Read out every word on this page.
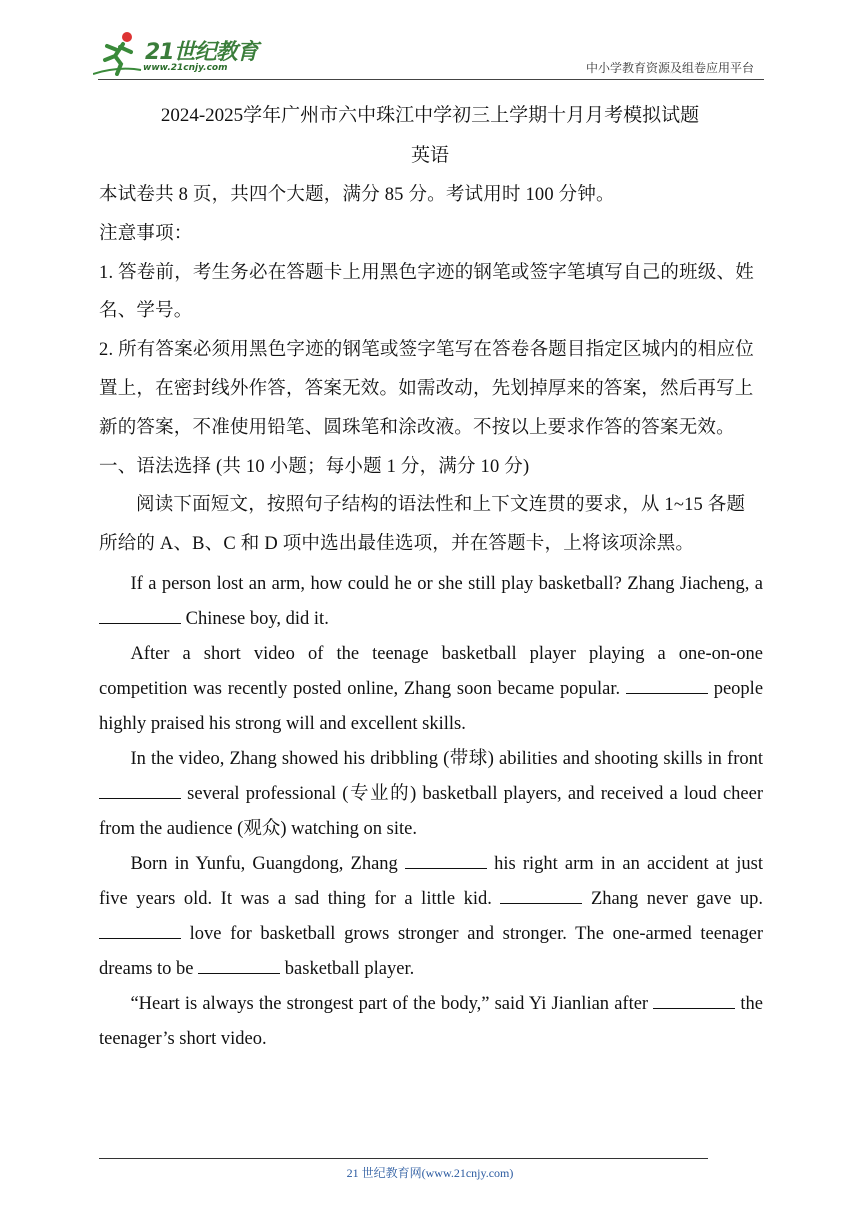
21世纪教育
www.21cnjy.com	中小学教育资源及组卷应用平台
2024-2025学年广州市六中珠江中学初三上学期十月月考模拟试题
英语

本试卷共 8 页，共四个大题，满分 85 分。考试用时 100 分钟。

注意事项：

1. 答卷前，考生务必在答题卡上用黑色字迹的钢笔或签字笔填写自己的班级、姓名、学号。

2. 所有答案必须用黑色字迹的钢笔或签字笔写在答卷各题目指定区城内的相应位置上，在密封线外作答，答案无效。如需改动，先划掉厚来的答案，然后再写上新的答案，不准使用铅笔、圆珠笔和涂改液。不按以上要求作答的答案无效。

一、语法选择 (共 10 小题；每小题 1 分，满分 10 分)

阅读下面短文，按照句子结构的语法性和上下文连贯的要求，从 1~15 各题所给的 A、B、C 和 D 项中选出最佳选项，并在答题卡，上将该项涂黑。

If a person lost an arm, how could he or she still play basketball? Zhang Jiacheng, a  Chinese boy, did it.

After a short video of the teenage basketball player playing a one-on-one competition was recently posted online, Zhang soon became popular.	people highly praised his strong will and excellent skills.

In the video, Zhang showed his dribbling (带球) abilities and shooting skills in front  several professional (专业的) basketball players, and received a loud cheer from the audience (观众) watching on site.

Born in Yunfu, Guangdong, Zhang	his right arm in an accident at just five years old. It was a sad thing for a little kid.	Zhang never gave up.  love for basketball grows stronger and stronger. The one-armed teenager dreams to be	basketball player.

“Heart is always the strongest part of the body,” said Yi Jianlian after	the teenager’s short video.

21 世纪教育网(www.21cnjy.com)
